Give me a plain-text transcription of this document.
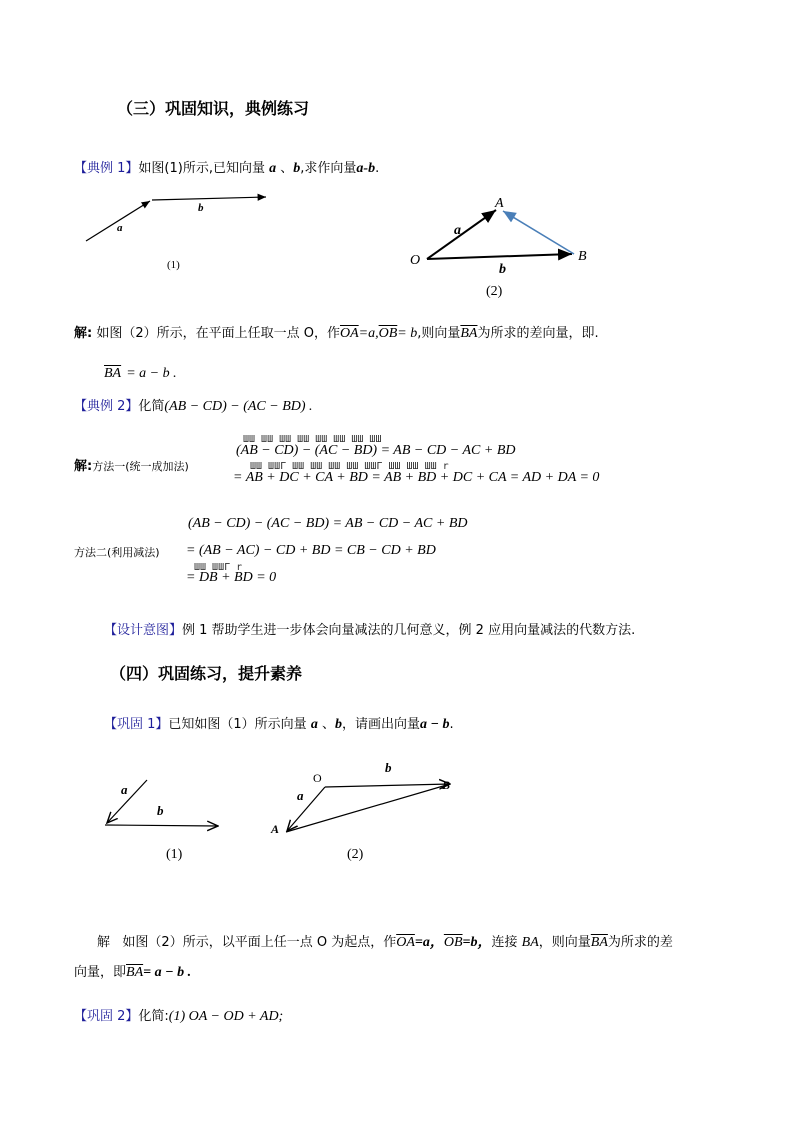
（三）巩固知识，典例练习
【典例 1】如图(1)所示,已知向量 a 、b,求作向量a-b.
a
b
(1)	O
A
B
a
b
(2)
a
b
(1)
O
A
B
a
b
(2)
解: 如图（2）所示，在平面上任取一点 O，作$\overline{OA}=a,\overline{OB}= b$,则向量$\overline{BA}$为所求的差向量，即.
$\overline{BA} = a - b$ .
【典例 2】化简(AB − CD) − (AC − BD) .
ШШ ШШ ШШ ШШ ШШ ШШ ШШ ШШ
(AB − CD) − (AC − BD) = AB − CD − AC + BD
解:方法一(统一成加法)	ШШ ШШГ ШШ ШШ ШШ ШШ ШШГ ШШ ШШ ШШ r
= AB + DC + CA + BD = AB + BD + DC + CA = AD + DA = 0
(AB − CD) − (AC − BD) = AB − CD − AC + BD
方法二(利用减法) = (AB − AC) − CD + BD = CB − CD + BD
ШШ ШШГ r
= DB + BD = 0
【设计意图】例 1 帮助学生进一步体会向量减法的几何意义，例 2 应用向量减法的代数方法.
（四）巩固练习，提升素养
【巩固 1】已知如图（1）所示向量 a 、b，请画出向量a − b.
解 如图（2）所示，以平面上任一点 O 为起点，作$\overline{OA}=a$，$\overline{OB}=b$，连接 BA，则向量$\overline{BA}$为所求的差
向量，即$\overline{BA}= a - b$ .
【巩固 2】化简:(1) OA − OD + AD;
